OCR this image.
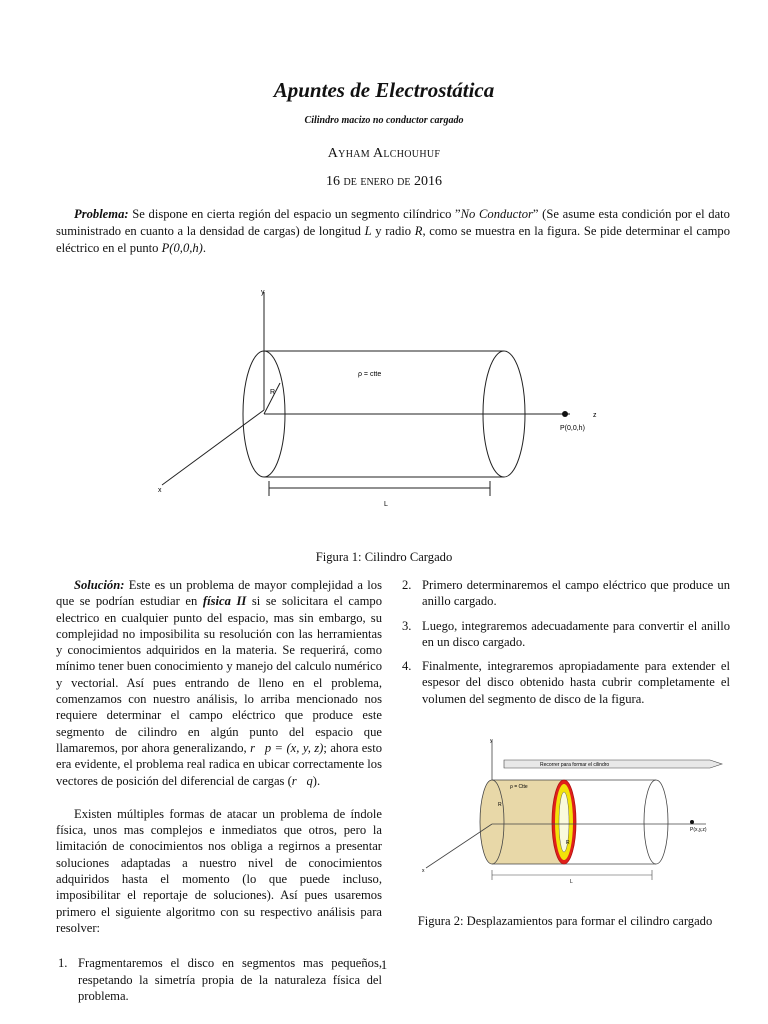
Apuntes de Electrostática
Cilindro macizo no conductor cargado
Ayham Alchouhuf
16 de enero de 2016
Problema: Se dispone en cierta región del espacio un segmento cilíndrico ”No Conductor” (Se asume esta condición por el dato suministrado en cuanto a la densidad de cargas) de longitud L y radio R, como se muestra en la figura. Se pide determinar el campo eléctrico en el punto P(0,0,h).
y
x
z
R
ρ = ctte
P(0,0,h)
L
Figura 1: Cilindro Cargado

Solución: Este es un problema de mayor complejidad a los que se podrían estudiar en física II si se solicitara el campo electrico en cualquier punto del espacio, mas sin embargo, su complejidad no imposibilita su resolución con las herramientas y conocimientos adquiridos en la materia. Se requerirá, como mínimo tener buen conocimiento y manejo del calculo numérico y vectorial. Así pues entrando de lleno en el problema, comenzamos con nuestro análisis, lo arriba mencionado nos requiere determinar el campo eléctrico que produce este segmento de cilindro en algún punto del espacio que llamaremos, por ahora generalizando, r⃗p = (x, y, z); ahora esto era evidente, el problema real radica en ubicar correctamente los vectores de posición del diferencial de cargas (r⃗q).

Existen múltiples formas de atacar un problema de índole física, unos mas complejos e inmediatos que otros, pero la limitación de conocimientos nos obliga a regirnos a presentar soluciones adaptadas a nuestro nivel de conocimientos adquiridos hasta el momento (lo que puede incluso, imposibilitar el reportaje de soluciones). Así pues usaremos primero el siguiente algoritmo con su respectivo análisis para resolver:

1. Fragmentaremos el disco en segmentos mas pequeños, respetando la simetría propia de la naturaleza física del problema.
2. Primero determinaremos el campo eléctrico que produce un anillo cargado.
3. Luego, integraremos adecuadamente para convertir el anillo en un disco cargado.
4. Finalmente, integraremos apropiadamente para extender el espesor del disco obtenido hasta cubrir completamente el volumen del segmento de disco de la figura.
y
Recorrer para formar el cilindro
x
ρ = Ctte
R
R
P(x,y,z)
L
Figura 2: Desplazamientos para formar el cilindro cargado
1
